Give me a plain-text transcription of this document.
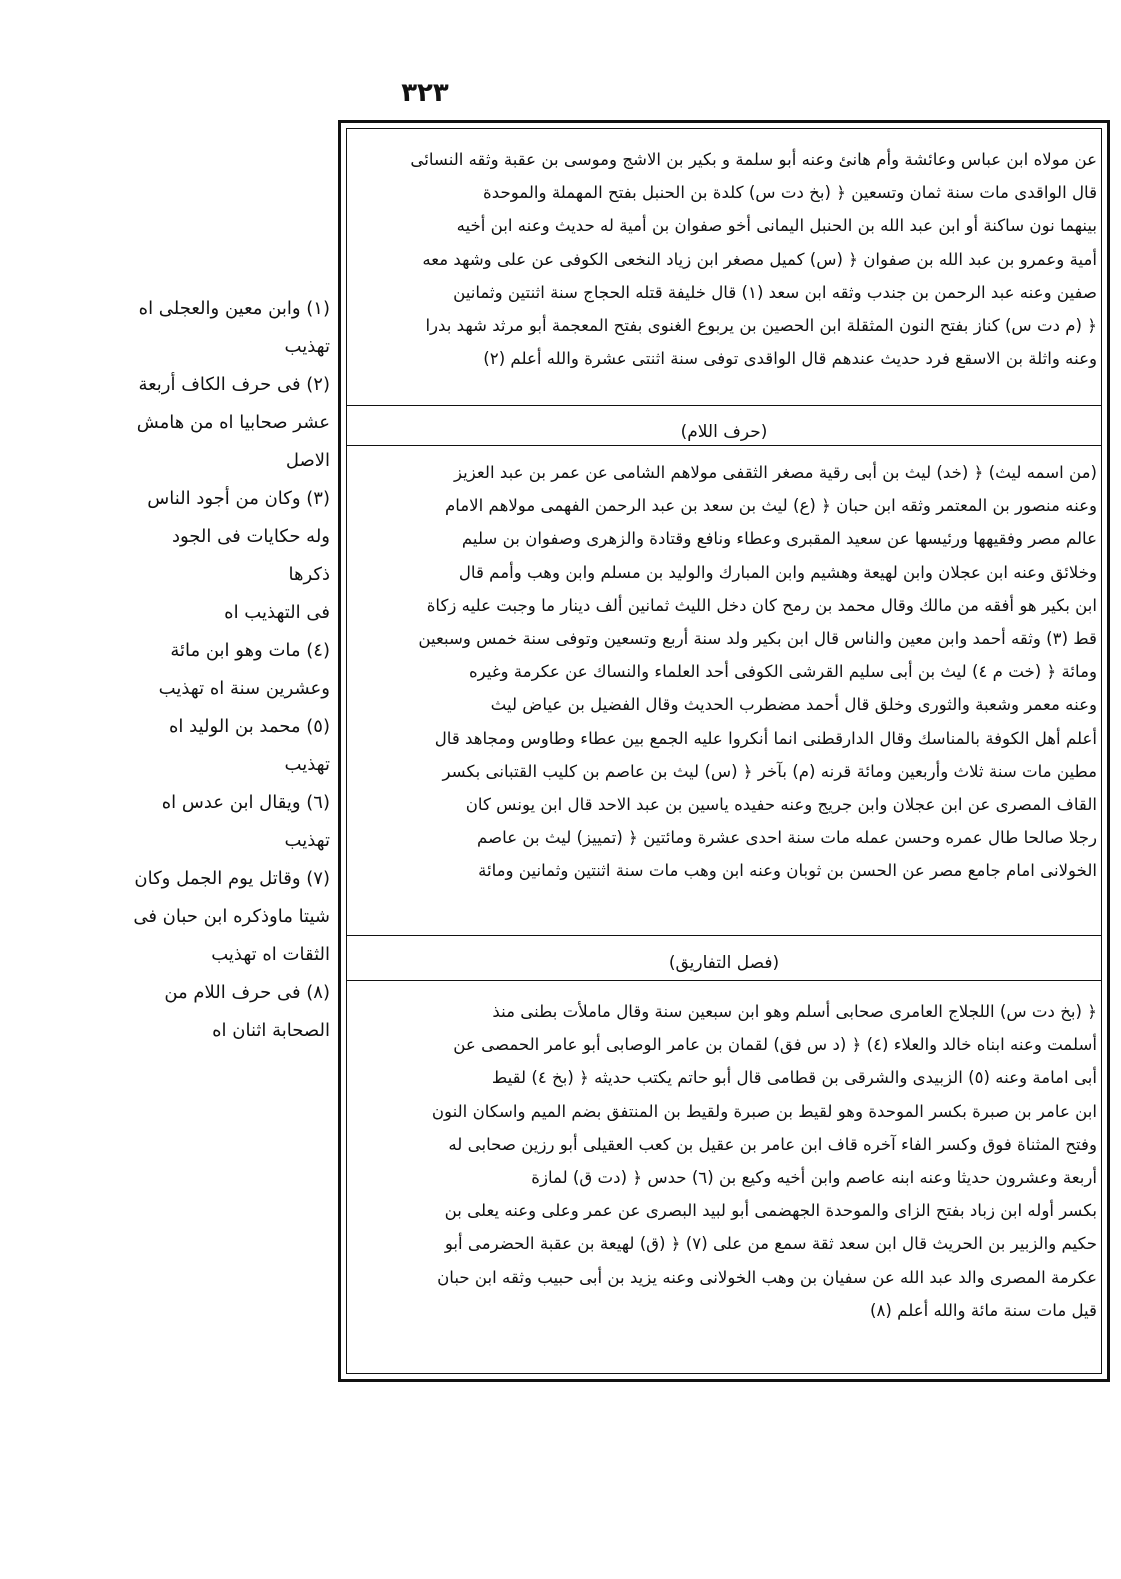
٣٢٣
عن مولاه ابن عباس وعائشة وأم هانئ وعنه أبو سلمة و بكير بن الاشج وموسى بن عقبة وثقه النسائى
قال الواقدى مات سنة ثمان وتسعين ﴿ (بخ دت س) كلدة بن الحنبل بفتح المهملة والموحدة
بينهما نون ساكنة أو ابن عبد الله بن الحنبل اليمانى أخو صفوان بن أمية له حديث وعنه ابن أخيه
أمية وعمرو بن عبد الله بن صفوان ﴿ (س) كميل مصغر ابن زياد النخعى الكوفى عن على وشهد معه
صفين وعنه عبد الرحمن بن جندب وثقه ابن سعد (١) قال خليفة قتله الحجاج سنة اثنتين وثمانين
﴿ (م دت س) كناز بفتح النون المثقلة ابن الحصين بن يربوع الغنوى بفتح المعجمة أبو مرثد شهد بدرا
وعنه واثلة بن الاسقع فرد حديث عندهم قال الواقدى توفى سنة اثنتى عشرة والله أعلم (٢)
(حرف اللام)
(من اسمه ليث) ﴿ (خد) ليث بن أبى رقية مصغر الثقفى مولاهم الشامى عن عمر بن عبد العزيز
وعنه منصور بن المعتمر وثقه ابن حبان ﴿ (ع) ليث بن سعد بن عبد الرحمن الفهمى مولاهم الامام
عالم مصر وفقيهها ورئيسها عن سعيد المقبرى وعطاء ونافع وقتادة والزهرى وصفوان بن سليم
وخلائق وعنه ابن عجلان وابن لهيعة وهشيم وابن المبارك والوليد بن مسلم وابن وهب وأمم قال
ابن بكير هو أفقه من مالك وقال محمد بن رمح كان دخل الليث ثمانين ألف دينار ما وجبت عليه زكاة
قط (٣) وثقه أحمد وابن معين والناس قال ابن بكير ولد سنة أربع وتسعين وتوفى سنة خمس وسبعين
ومائة ﴿ (خت م ٤) ليث بن أبى سليم القرشى الكوفى أحد العلماء والنساك عن عكرمة وغيره
وعنه معمر وشعبة والثورى وخلق قال أحمد مضطرب الحديث وقال الفضيل بن عياض ليث
أعلم أهل الكوفة بالمناسك وقال الدارقطنى انما أنكروا عليه الجمع بين عطاء وطاوس ومجاهد قال
مطين مات سنة ثلاث وأربعين ومائة قرنه (م) بآخر ﴿ (س) ليث بن عاصم بن كليب القتبانى بكسر
القاف المصرى عن ابن عجلان وابن جريج وعنه حفيده ياسين بن عبد الاحد قال ابن يونس كان
رجلا صالحا طال عمره وحسن عمله مات سنة احدى عشرة ومائتين ﴿ (تمييز) ليث بن عاصم
الخولانى امام جامع مصر عن الحسن بن ثوبان وعنه ابن وهب مات سنة اثنتين وثمانين ومائة
(فصل التفاريق)
﴿ (بخ دت س) اللجلاج العامرى صحابى أسلم وهو ابن سبعين سنة وقال ماملأت بطنى منذ
أسلمت وعنه ابناه خالد والعلاء (٤) ﴿ (د س فق) لقمان بن عامر الوصابى أبو عامر الحمصى عن
أبى امامة وعنه (٥) الزبيدى والشرقى بن قطامى قال أبو حاتم يكتب حديثه ﴿ (بخ ٤) لقيط
ابن عامر بن صبرة بكسر الموحدة وهو لقيط بن صبرة ولقيط بن المنتفق بضم الميم واسكان النون
وفتح المثناة فوق وكسر الفاء آخره قاف ابن عامر بن عقيل بن كعب العقيلى أبو رزين صحابى له
أربعة وعشرون حديثا وعنه ابنه عاصم وابن أخيه وكيع بن (٦) حدس ﴿ (دت ق) لمازة
بكسر أوله ابن زباد بفتح الزاى والموحدة الجهضمى أبو لبيد البصرى عن عمر وعلى وعنه يعلى بن
حكيم والزبير بن الحريث قال ابن سعد ثقة سمع من على (٧) ﴿ (ق) لهيعة بن عقبة الحضرمى أبو
عكرمة المصرى والد عبد الله عن سفيان بن وهب الخولانى وعنه يزيد بن أبى حبيب وثقه ابن حبان
قيل مات سنة مائة والله أعلم (٨)
(١) وابن معين والعجلى اه
تهذيب
(٢) فى حرف الكاف أربعة
عشر صحابيا اه من هامش
الاصل
(٣) وكان من أجود الناس
وله حكايات فى الجود ذكرها
فى التهذيب اه
(٤) مات وهو ابن مائة
وعشرين سنة اه تهذيب
(٥) محمد بن الوليد اه
تهذيب
(٦) ويقال ابن عدس اه
تهذيب
(٧) وقاتل يوم الجمل وكان
شيتا ماوذكره ابن حبان فى
الثقات اه تهذيب
(٨) فى حرف اللام من
الصحابة اثنان اه
